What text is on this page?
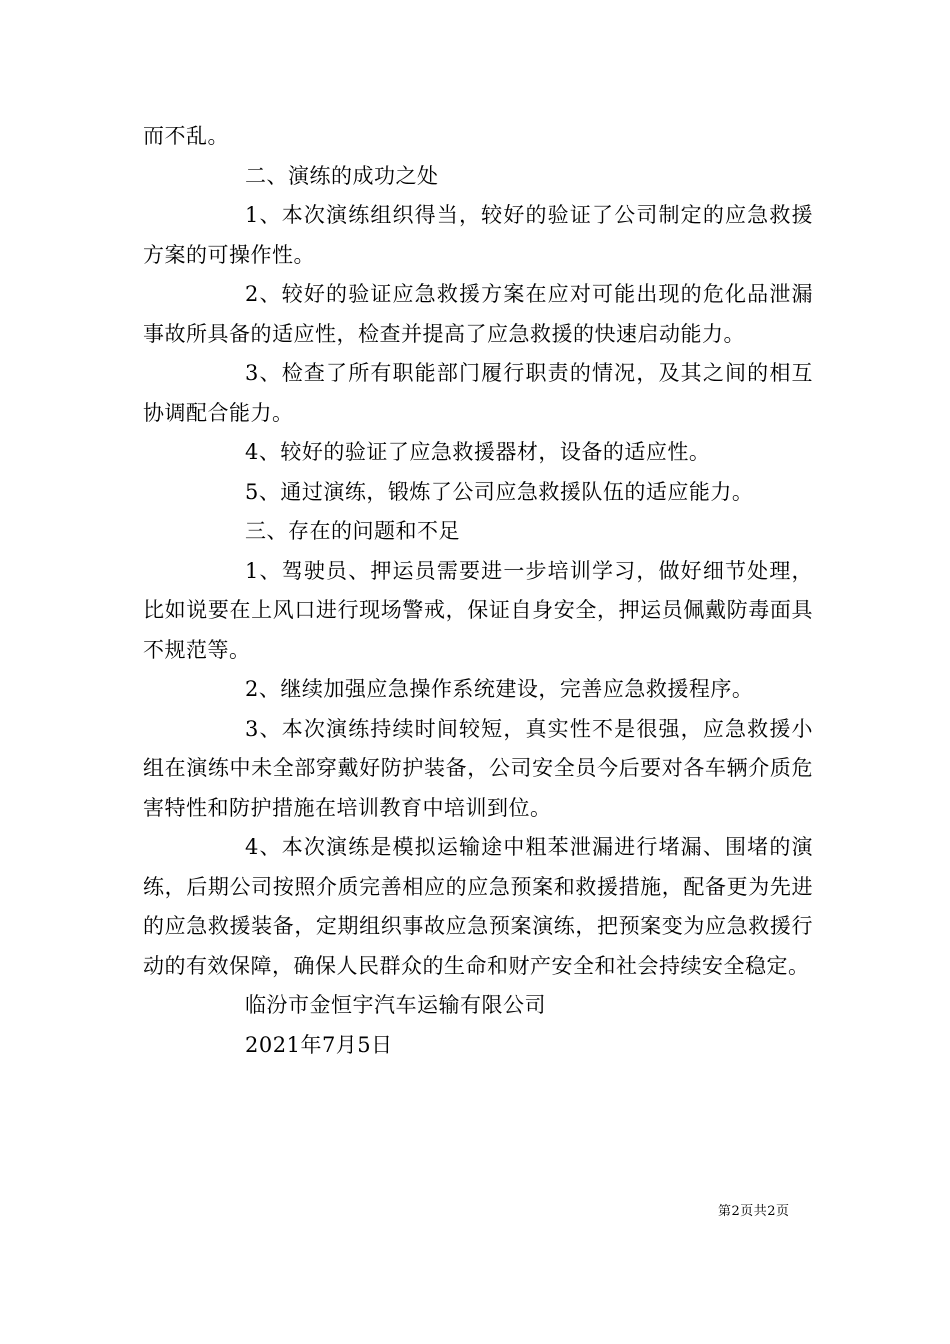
而不乱。

二、演练的成功之处

1、本次演练组织得当，较好的验证了公司制定的应急救援方案的可操作性。

2、较好的验证应急救援方案在应对可能出现的危化品泄漏事故所具备的适应性，检查并提高了应急救援的快速启动能力。

3、检查了所有职能部门履行职责的情况，及其之间的相互协调配合能力。

4、较好的验证了应急救援器材，设备的适应性。

5、通过演练，锻炼了公司应急救援队伍的适应能力。

三、存在的问题和不足

1、驾驶员、押运员需要进一步培训学习，做好细节处理，比如说要在上风口进行现场警戒，保证自身安全，押运员佩戴防毒面具不规范等。

2、继续加强应急操作系统建设，完善应急救援程序。

3、本次演练持续时间较短，真实性不是很强，应急救援小组在演练中未全部穿戴好防护装备，公司安全员今后要对各车辆介质危害特性和防护措施在培训教育中培训到位。

4、本次演练是模拟运输途中粗苯泄漏进行堵漏、围堵的演练，后期公司按照介质完善相应的应急预案和救援措施，配备更为先进的应急救援装备，定期组织事故应急预案演练，把预案变为应急救援行动的有效保障，确保人民群众的生命和财产安全和社会持续安全稳定。

临汾市金恒宇汽车运输有限公司

2021年7月5日

第2页共2页
